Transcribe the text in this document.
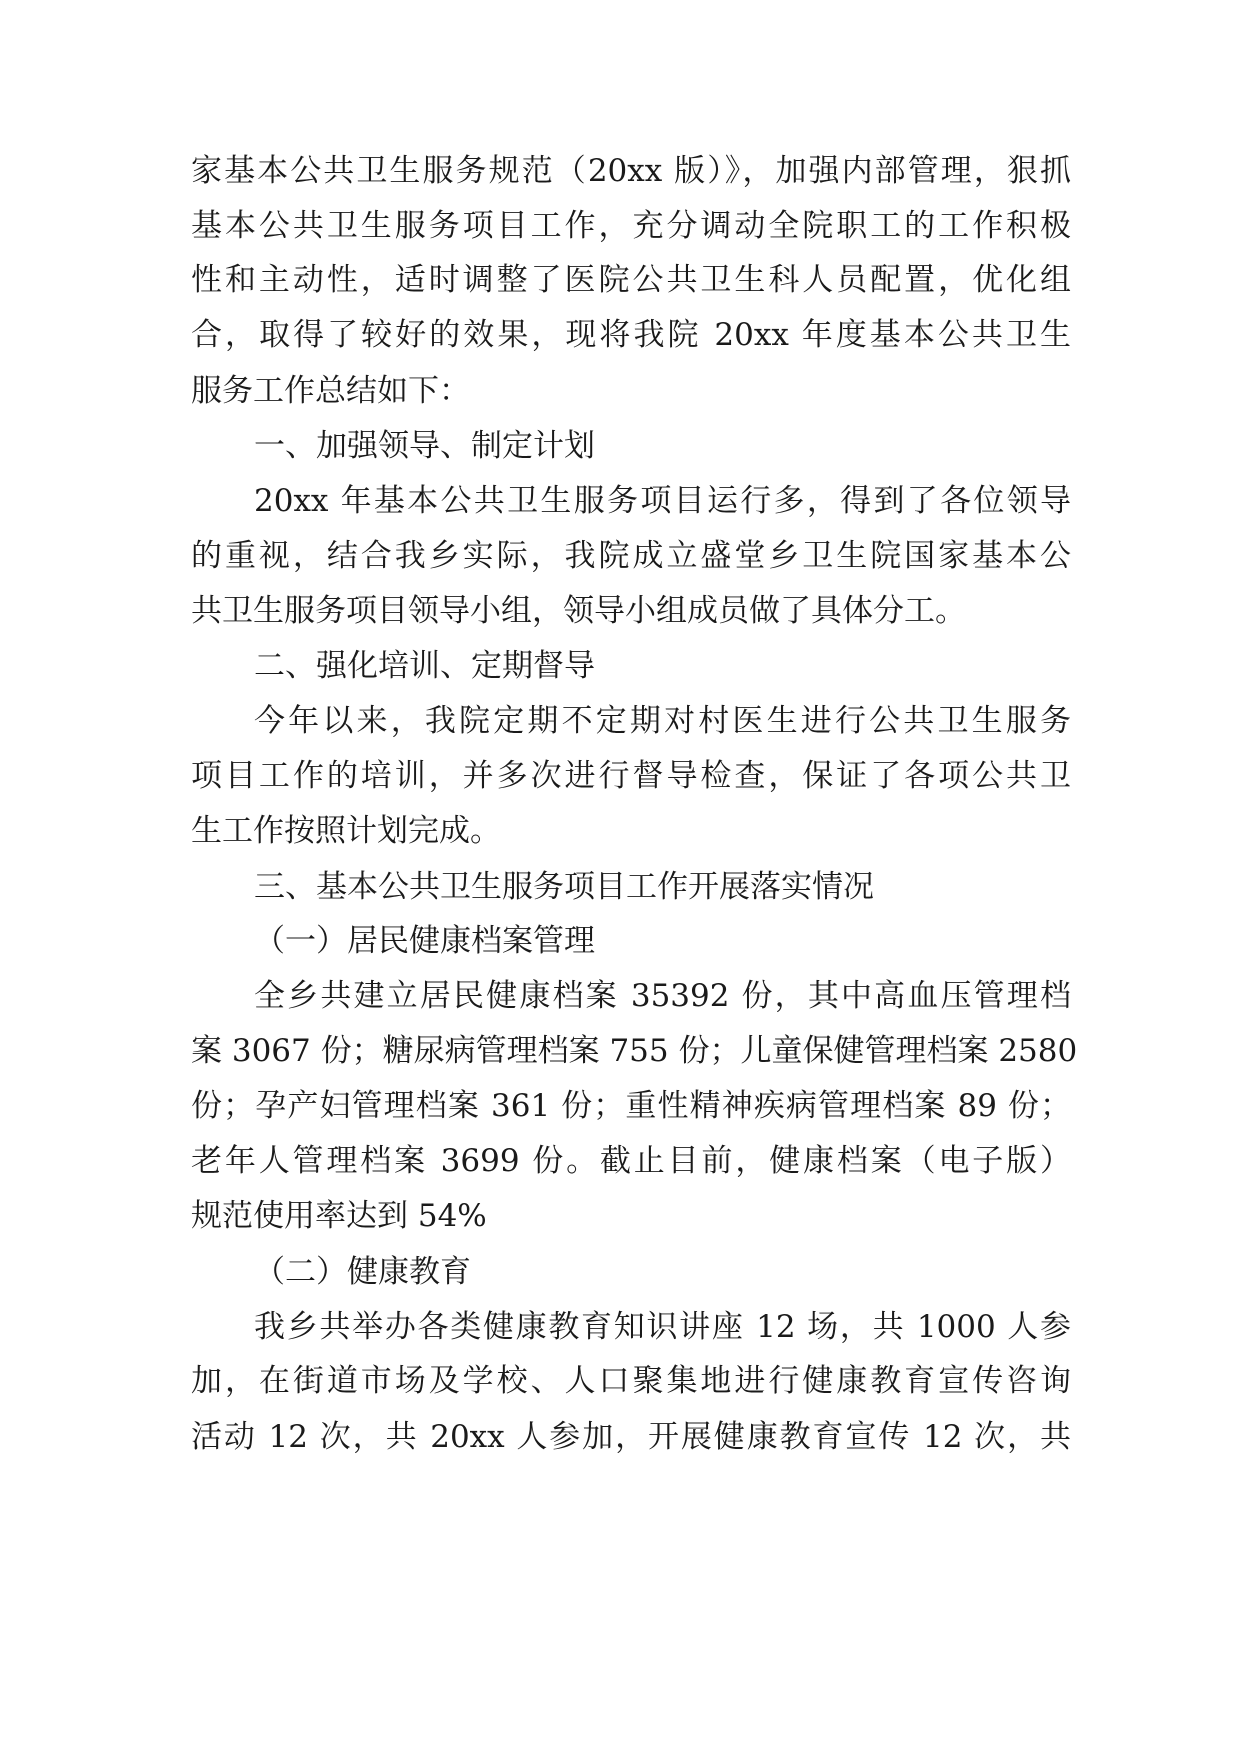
家基本公共卫生服务规范（20xx 版）》，加强内部管理，狠抓

基本公共卫生服务项目工作，充分调动全院职工的工作积极

性和主动性，适时调整了医院公共卫生科人员配置，优化组

合，取得了较好的效果，现将我院 20xx 年度基本公共卫生

服务工作总结如下：

一、加强领导、制定计划

20xx 年基本公共卫生服务项目运行多，得到了各位领导

的重视，结合我乡实际，我院成立盛堂乡卫生院国家基本公

共卫生服务项目领导小组，领导小组成员做了具体分工。

二、强化培训、定期督导

今年以来，我院定期不定期对村医生进行公共卫生服务

项目工作的培训，并多次进行督导检查，保证了各项公共卫

生工作按照计划完成。

三、基本公共卫生服务项目工作开展落实情况

（一）居民健康档案管理

全乡共建立居民健康档案 35392 份，其中高血压管理档

案 3067 份；糖尿病管理档案 755 份；儿童保健管理档案 2580

份；孕产妇管理档案 361 份；重性精神疾病管理档案 89 份；

老年人管理档案 3699 份。截止目前，健康档案（电子版）

规范使用率达到 54%

（二）健康教育

我乡共举办各类健康教育知识讲座 12 场，共 1000 人参

加，在街道市场及学校、人口聚集地进行健康教育宣传咨询

活动 12 次，共 20xx 人参加，开展健康教育宣传 12 次，共
